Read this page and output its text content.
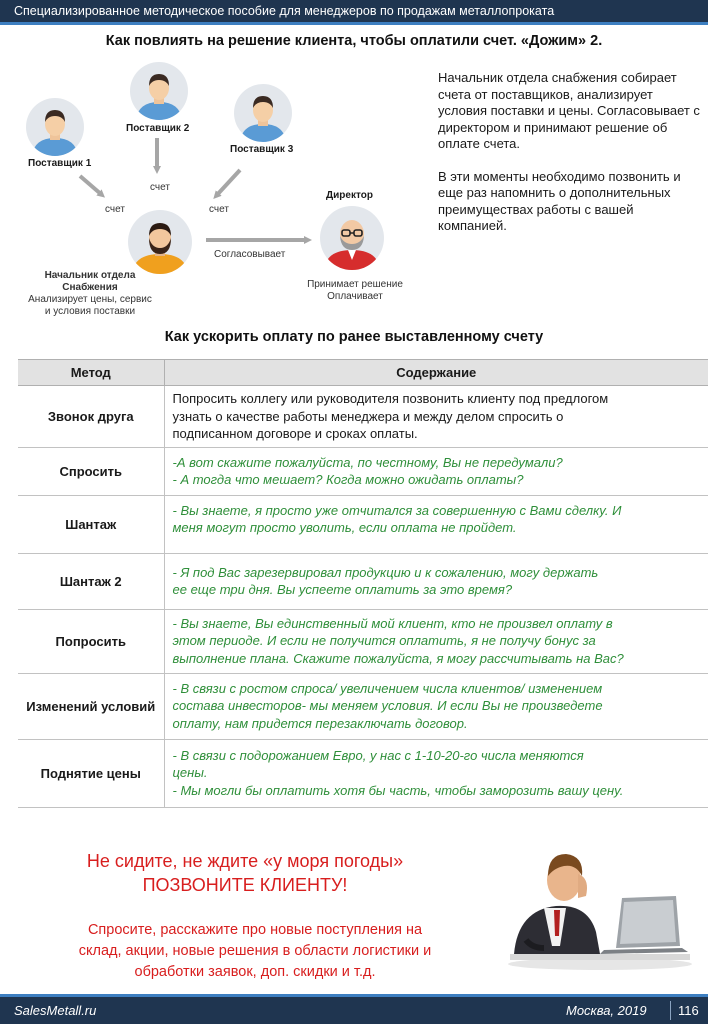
Специализированное методическое пособие для менеджеров по продажам металлопроката
Как повлиять на решение клиента, чтобы оплатили счет. «Дожим» 2.
Поставщик 1
Поставщик 2
Поставщик 3
счет
счет
счет
Начальник отдела
Снабжения
Анализирует цены, сервис
и условия поставки
Согласовывает
Директор
Принимает решение
Оплачивает

Начальник отдела снабжения собирает счета от поставщиков, анализирует условия поставки и цены. Согласовывает с директором и принимают решение об оплате счета.

В эти моменты необходимо позвонить и еще раз напомнить о дополнительных преимуществах работы с вашей компанией.

Как ускорить оплату по ранее выставленному счету
Метод	Содержание
Звонок друга	Попросить коллегу или руководителя позвонить клиенту под предлогом
узнать о качестве работы менеджера и между делом спросить о
подписанном договоре и сроках оплаты.

Спросить	-А вот скажите пожалуйста, по честному, Вы не передумали?
- А тогда что мешает? Когда можно ожидать оплаты?

Шантаж	- Вы знаете, я просто уже отчитался за совершенную с Вами сделку. И
меня могут просто уволить, если оплата не пройдет.

Шантаж 2	- Я под Вас зарезервировал продукцию и к сожалению, могу держать
ее еще три дня. Вы успеете оплатить за это время?

Попросить	- Вы знаете, Вы единственный мой клиент, кто не произвел оплату в
этом периоде. И если не получится оплатить, я не получу бонус за
выполнение плана. Скажите пожалуйста, я могу рассчитывать на Вас?

Изменений условий	- В связи с ростом спроса/ увеличением числа клиентов/ изменением
состава инвесторов- мы меняем условия. И если Вы не произведете
оплату, нам придется перезаключать договор.

Поднятие цены	- В связи с подорожанием Евро, у нас с 1-10-20-го числа меняются
цены.
- Мы могли бы оплатить хотя бы часть, чтобы заморозить вашу цену.
Не сидите, не ждите «у моря погоды»
ПОЗВОНИТЕ КЛИЕНТУ!
Спросите, расскажите про новые поступления на
склад, акции, новые решения в области логистики и
обработки заявок, доп. скидки и т.д.
SalesMetall.ru	Москва, 2019 116
